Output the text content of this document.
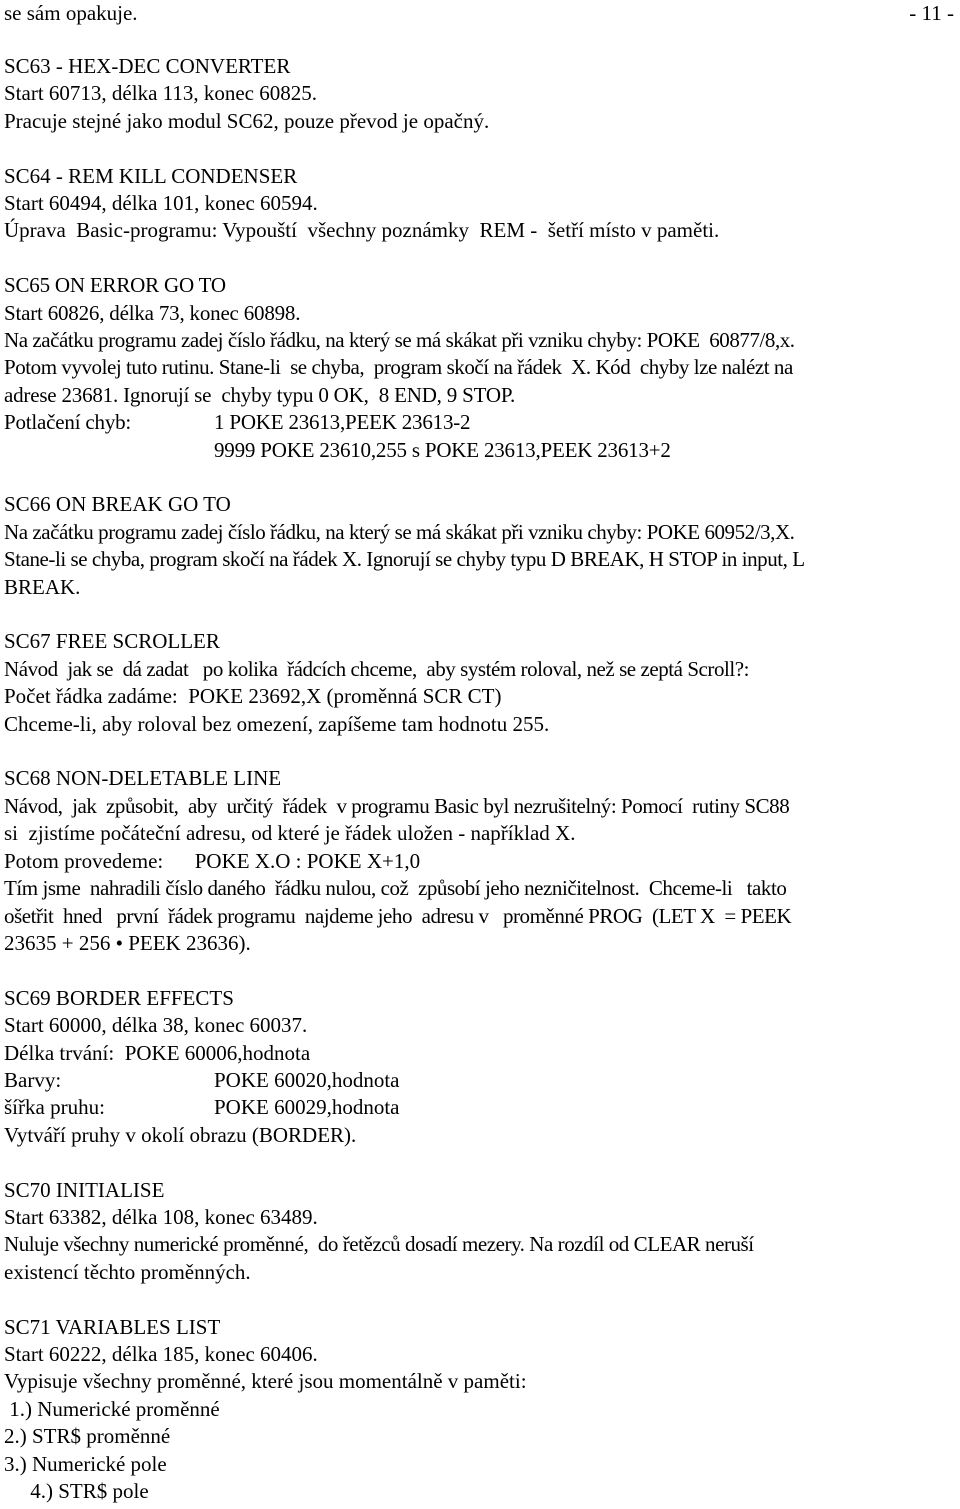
se sám opakuje.	- 11 -
SC63 - HEX-DEC CONVERTER
Start 60713, délka 113, konec 60825.
Pracuje stejné jako modul SC62, pouze převod je opačný.
SC64 - REM KILL CONDENSER
Start 60494, délka 101, konec 60594.
Úprava  Basic-programu: Vypouští  všechny poznámky  REM -  šetří místo v paměti.
SC65 ON ERROR GO TO
Start 60826, délka 73, konec 60898.
Na začátku programu zadej číslo řádku, na který se má skákat při vzniku chyby: POKE  60877/8,x.
Potom vyvolej tuto rutinu. Stane-li  se chyba,  program skočí na řádek  X. Kód  chyby lze nalézt na
adrese 23681. Ignorují se  chyby typu 0 OK,  8 END, 9 STOP.
Potlačení chyb:	1 POKE 23613,PEEK 23613-2
9999 POKE 23610,255 s POKE 23613,PEEK 23613+2
SC66 ON BREAK GO TO
Na začátku programu zadej číslo řádku, na který se má skákat při vzniku chyby: POKE 60952/3,X.
Stane-li se chyba, program skočí na řádek X. Ignorují se chyby typu D BREAK, H STOP in input, L
BREAK.
SC67 FREE SCROLLER
Návod  jak se  dá zadat   po kolika  řádcích chceme,  aby systém roloval, než se zeptá Scroll?:
Počet řádka zadáme:  POKE 23692,X (proměnná SCR CT)
Chceme-li, aby roloval bez omezení, zapíšeme tam hodnotu 255.
SC68 NON-DELETABLE LINE
Návod,  jak  způsobit,  aby  určitý  řádek  v programu Basic byl nezrušitelný: Pomocí  rutiny SC88
si  zjistíme počáteční adresu, od které je řádek uložen - například X.
Potom provedeme:      POKE X.O : POKE X+1,0
Tím jsme  nahradili číslo daného  řádku nulou, což  způsobí jeho nezničitelnost.  Chceme-li   takto
ošetřit  hned   první  řádek programu  najdeme jeho  adresu v   proměnné PROG  (LET X  = PEEK
23635 + 256 • PEEK 23636).
SC69 BORDER EFFECTS
Start 60000, délka 38, konec 60037.
Délka trvání:  POKE 60006,hodnota
Barvy:	POKE 60020,hodnota
šířka pruhu:	POKE 60029,hodnota
Vytváří pruhy v okolí obrazu (BORDER).
SC70 INITIALISE
Start 63382, délka 108, konec 63489.
Nuluje všechny numerické proměnné,  do řetězců dosadí mezery. Na rozdíl od CLEAR neruší
existencí těchto proměnných.
SC71 VARIABLES LIST
Start 60222, délka 185, konec 60406.
Vypisuje všechny proměnné, které jsou momentálně v paměti:
1.) Numerické proměnné
2.) STR$ proměnné
3.) Numerické pole
4.) STR$ pole
